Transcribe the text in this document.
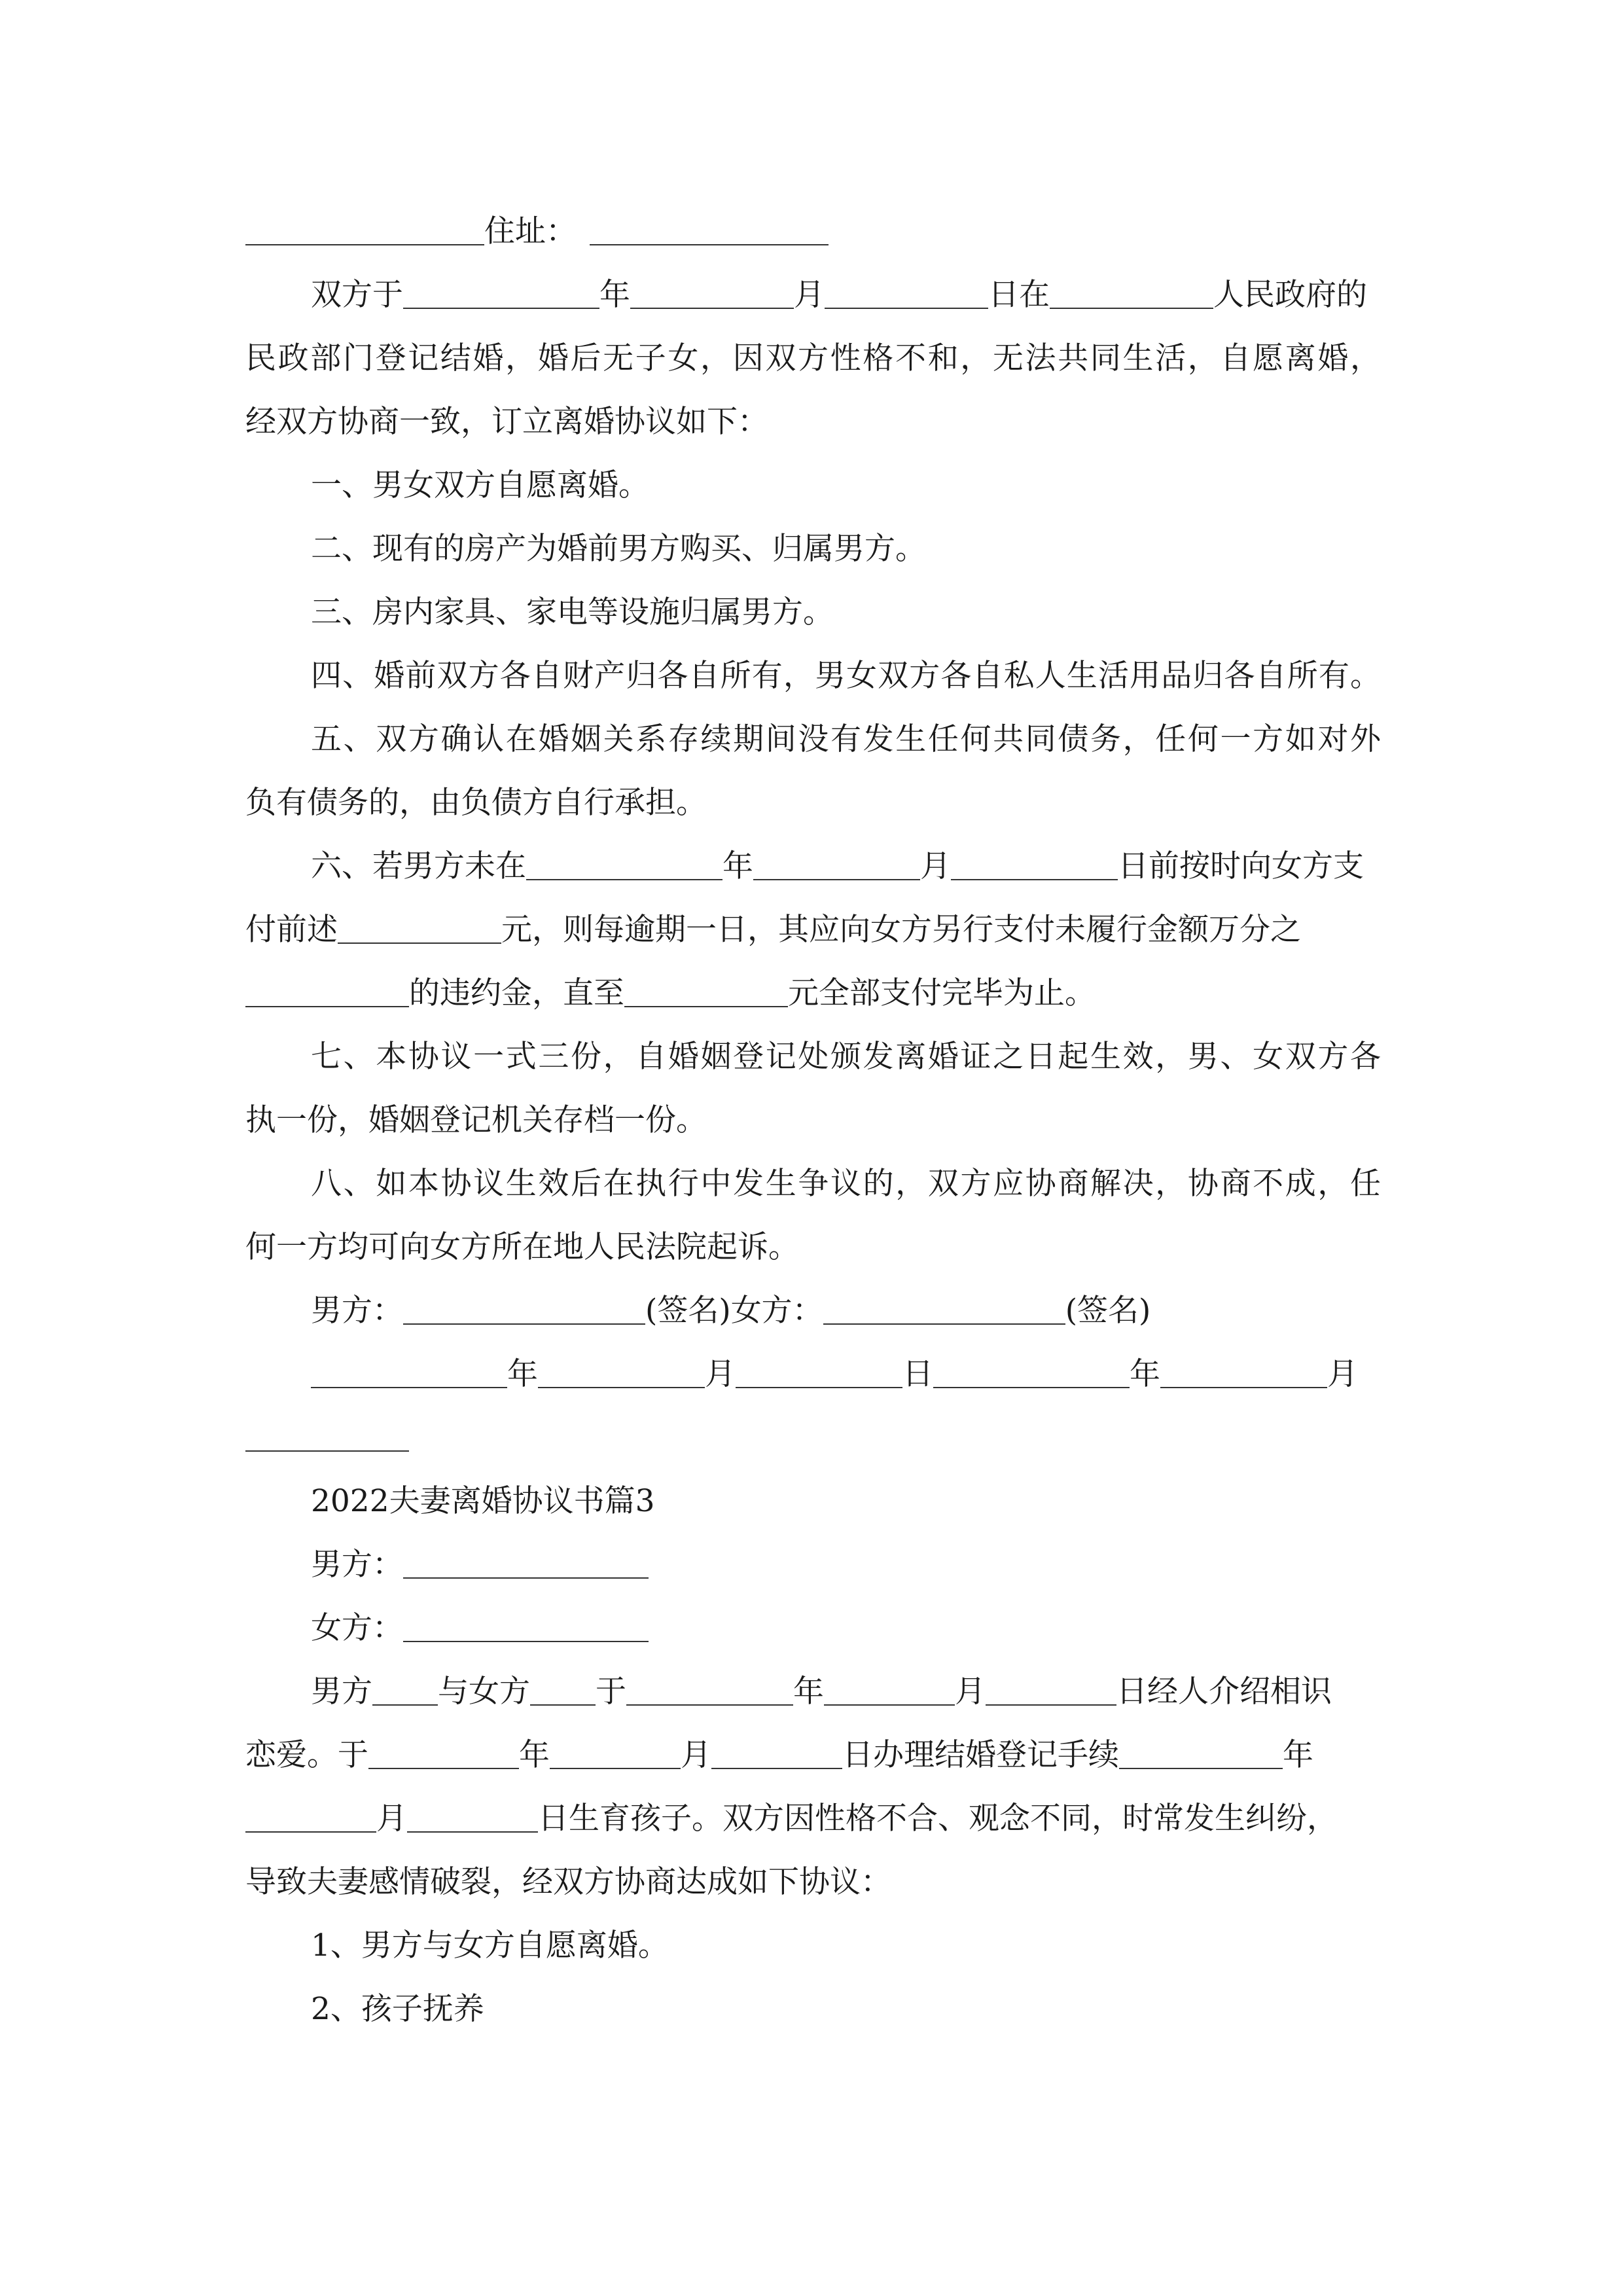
住址：
双方于	年	月	日在	人民政府的
民政部门登记结婚，婚后无子女，因双方性格不和，无法共同生活，自愿离婚，
经双方协商一致，订立离婚协议如下：
一、男女双方自愿离婚。
二、现有的房产为婚前男方购买、归属男方。
三、房内家具、家电等设施归属男方。
四、婚前双方各自财产归各自所有，男女双方各自私人生活用品归各自所有。
五、双方确认在婚姻关系存续期间没有发生任何共同债务，任何一方如对外
负有债务的，由负债方自行承担。
六、若男方未在	年	月	日前按时向女方支
付前述	元，则每逾期一日，其应向女方另行支付未履行金额万分之
的违约金，直至	元全部支付完毕为止。
七、本协议一式三份，自婚姻登记处颁发离婚证之日起生效，男、女双方各
执一份，婚姻登记机关存档一份。
八、如本协议生效后在执行中发生争议的，双方应协商解决，协商不成，任
何一方均可向女方所在地人民法院起诉。
男方：	(签名)女方：	(签名)
年	月	日	年	月
2022夫妻离婚协议书篇3
男方：
女方：
男方 与女方 于	年	月	日经人介绍相识
恋爱。于	年	月	日办理结婚登记手续	年
月	日生育孩子。双方因性格不合、观念不同，时常发生纠纷，
导致夫妻感情破裂，经双方协商达成如下协议：
1、男方与女方自愿离婚。
2、孩子抚养
